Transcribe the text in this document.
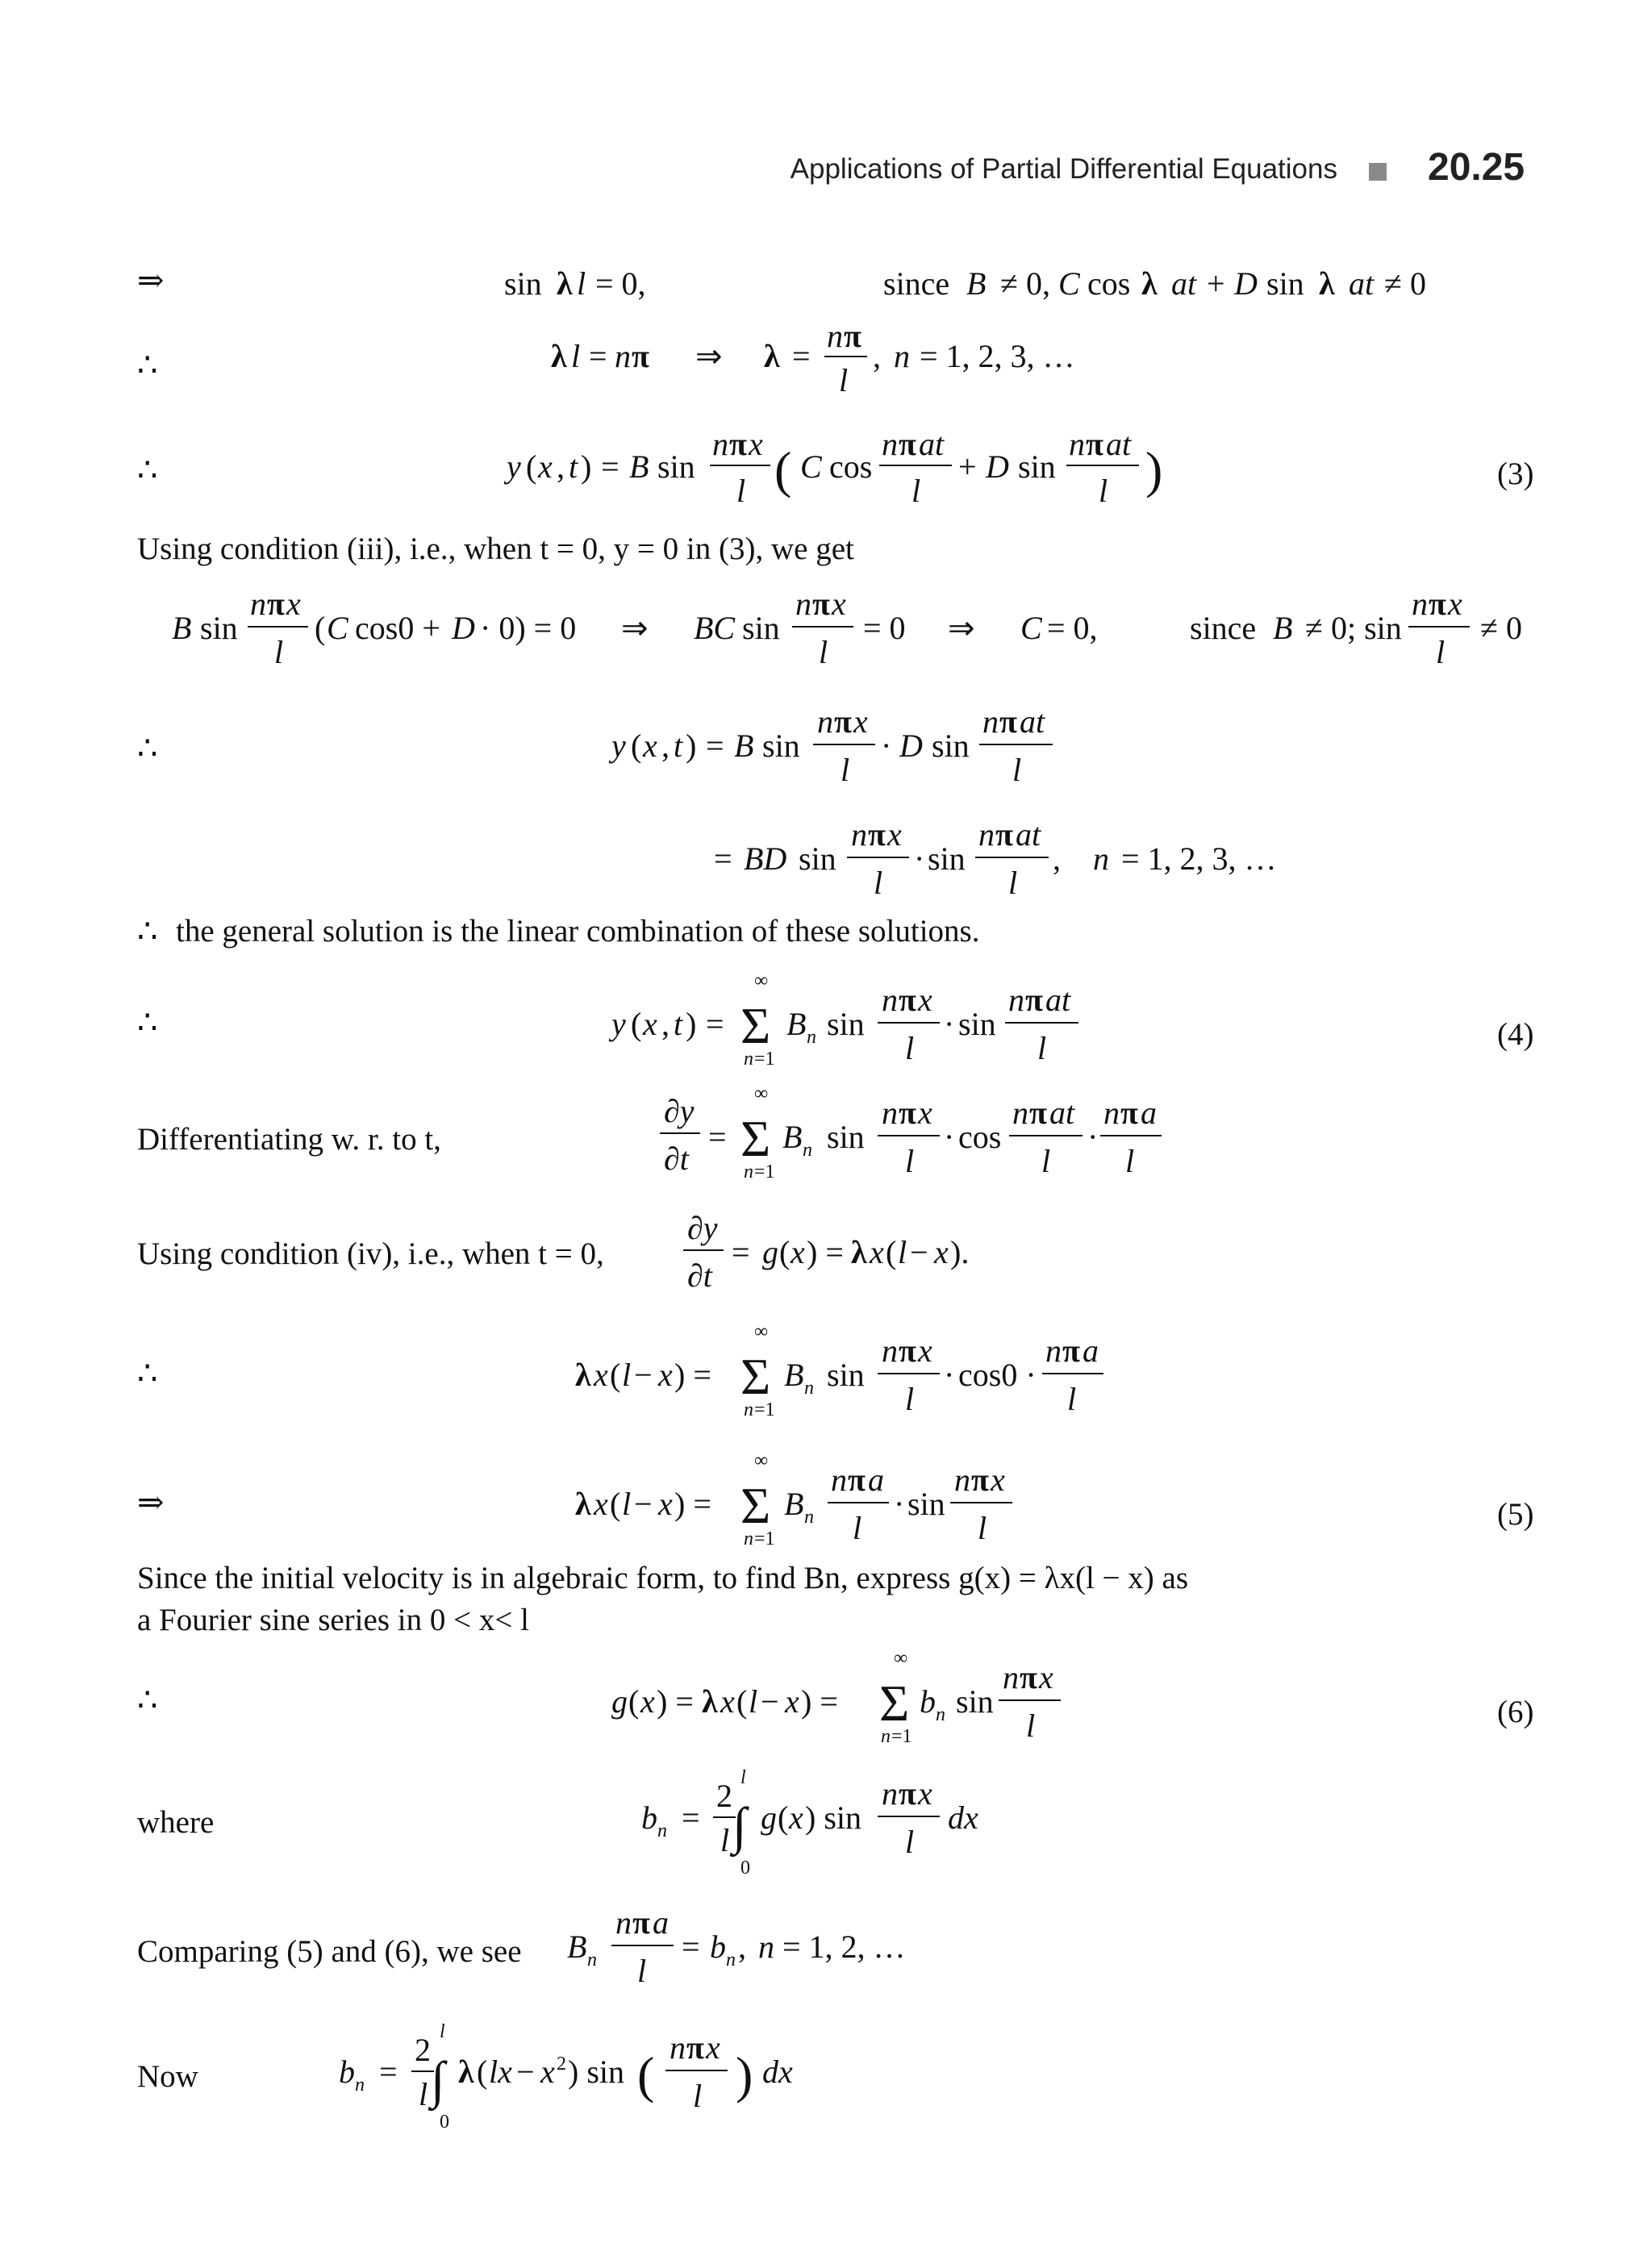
Applications of Partial Differential Equations 20.25
⇒	sin λ l = 0,	since B ≠ 0, C cos λ at + D sin λ at ≠ 0
∴	λ l = n π ⇒ λ =
n π
l
, n = 1, 2, 3, …
∴	y ( x , t ) = B sin
n π x
l ( C cos
n π at
l
+ D sin
n π at
l )	(3)
Using condition (iii), i.e., when t = 0, y = 0 in (3), we get
B sin
n π x
l
( C cos0 + D · 0) = 0 ⇒ BC sin
n π x
l
= 0 ⇒ C = 0,	since B ≠ 0; sin
n π x
l
≠ 0
∴	y ( x , t ) = B sin
n π x
l
· D sin
n π at
l
= BD sin
n π x
l
· sin
n π at
l
, n = 1, 2, 3, …
∴ the general solution is the linear combination of these solutions.
∴	y ( x , t ) =
∞
Σ
n =1
B n sin
n π x
l
· sin
n π at
l	(4)
Differentiating w. r. to t,
∂y
∂t
=
∞
Σ
n =1
B n sin
n π x
l
· cos
n π at
l
·
n π a
l
Using condition (iv), i.e., when t = 0,
∂y
∂t
= g ( x ) = λ x ( l − x ).
∴	λ x ( l − x ) =
∞
Σ
n =1
B n sin
n π x
l
· cos0 ·
n π a
l
⇒	λ x ( l − x ) =
∞
Σ
n =1
B n
n π a
l
· sin
n π x
l	(5)
Since the initial velocity is in algebraic form, to find Bn, express g(x) = λx(l − x) as
a Fourier sine series in 0 < x< l
∴	g ( x ) = λ x ( l − x ) =
∞
Σ
n =1
b n sin
n π x
l	(6)
where	b n =
2
l
l
∫
0
g ( x ) sin
n π x
l
dx
Comparing (5) and (6), we see B n
n π a
l
= b n , n = 1, 2, …
Now	b n =
2
l
l
∫
0
λ ( lx − x 2 ) sin ( n π x
l ) dx
